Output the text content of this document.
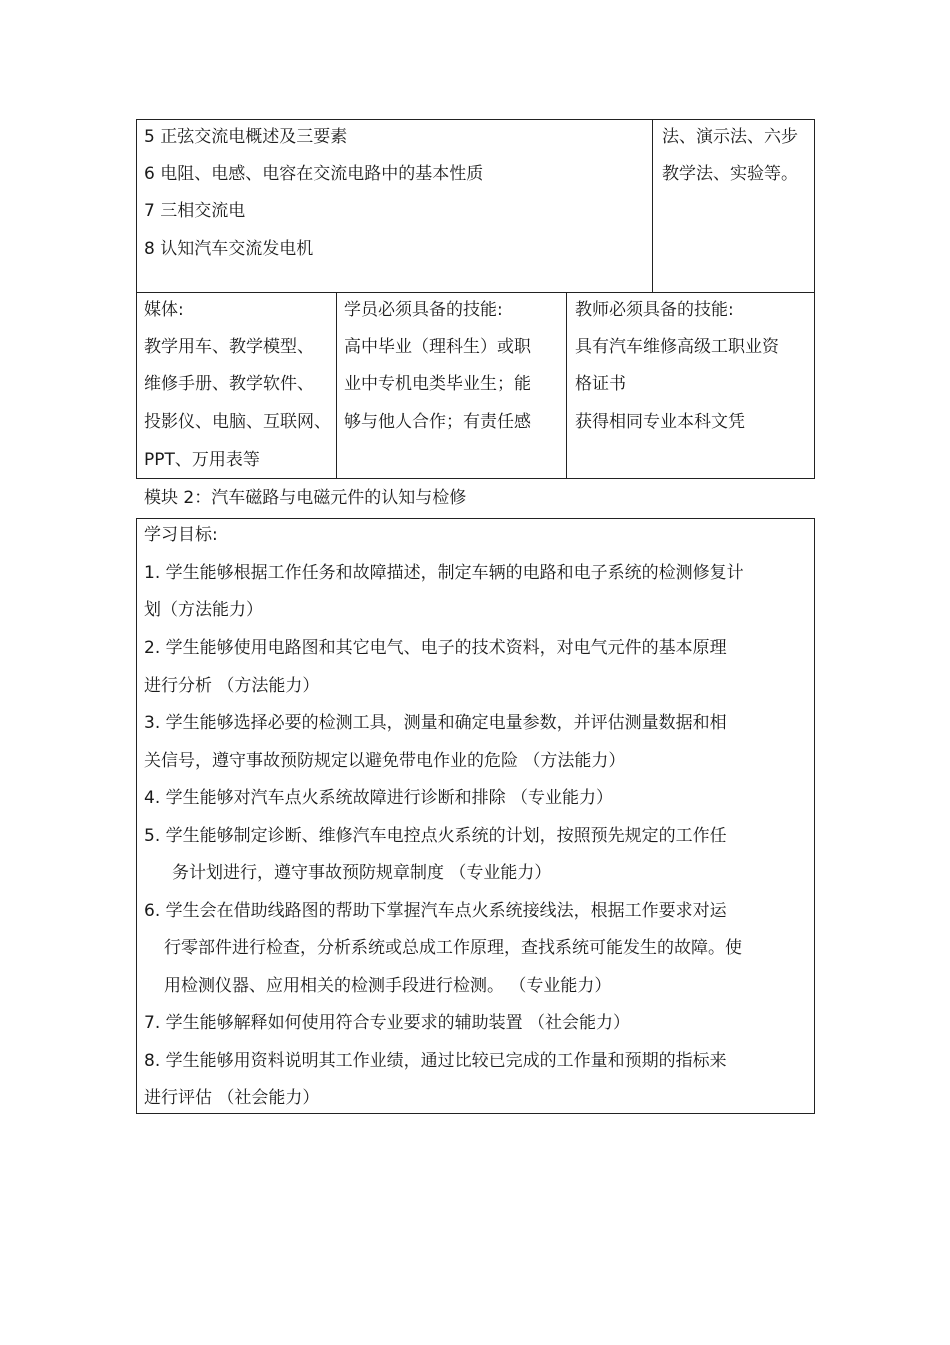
5 正弦交流电概述及三要素
6 电阻、电感、电容在交流电路中的基本性质
7 三相交流电
8 认知汽车交流发电机
法、演示法、六步
教学法、实验等。
媒体:
教学用车、教学模型、
维修手册、教学软件、
投影仪、电脑、互联网、
PPT、万用表等
学员必须具备的技能:
高中毕业（理科生）或职
业中专机电类毕业生；能
够与他人合作；有责任感
教师必须具备的技能:
具有汽车维修高级工职业资
格证书
获得相同专业本科文凭
模块 2：汽车磁路与电磁元件的认知与检修
学习目标:
1. 学生能够根据工作任务和故障描述，制定车辆的电路和电子系统的检测修复计
划（方法能力）
2. 学生能够使用电路图和其它电气、电子的技术资料，对电气元件的基本原理
进行分析 （方法能力）
3. 学生能够选择必要的检测工具，测量和确定电量参数，并评估测量数据和相
关信号，遵守事故预防规定以避免带电作业的危险 （方法能力）
4. 学生能够对汽车点火系统故障进行诊断和排除 （专业能力）
5. 学生能够制定诊断、维修汽车电控点火系统的计划，按照预先规定的工作任
务计划进行，遵守事故预防规章制度 （专业能力）
6. 学生会在借助线路图的帮助下掌握汽车点火系统接线法，根据工作要求对运
行零部件进行检查，分析系统或总成工作原理，查找系统可能发生的故障。使
用检测仪器、应用相关的检测手段进行检测。 （专业能力）
7. 学生能够解释如何使用符合专业要求的辅助装置 （社会能力）
8. 学生能够用资料说明其工作业绩，通过比较已完成的工作量和预期的指标来
进行评估 （社会能力）
